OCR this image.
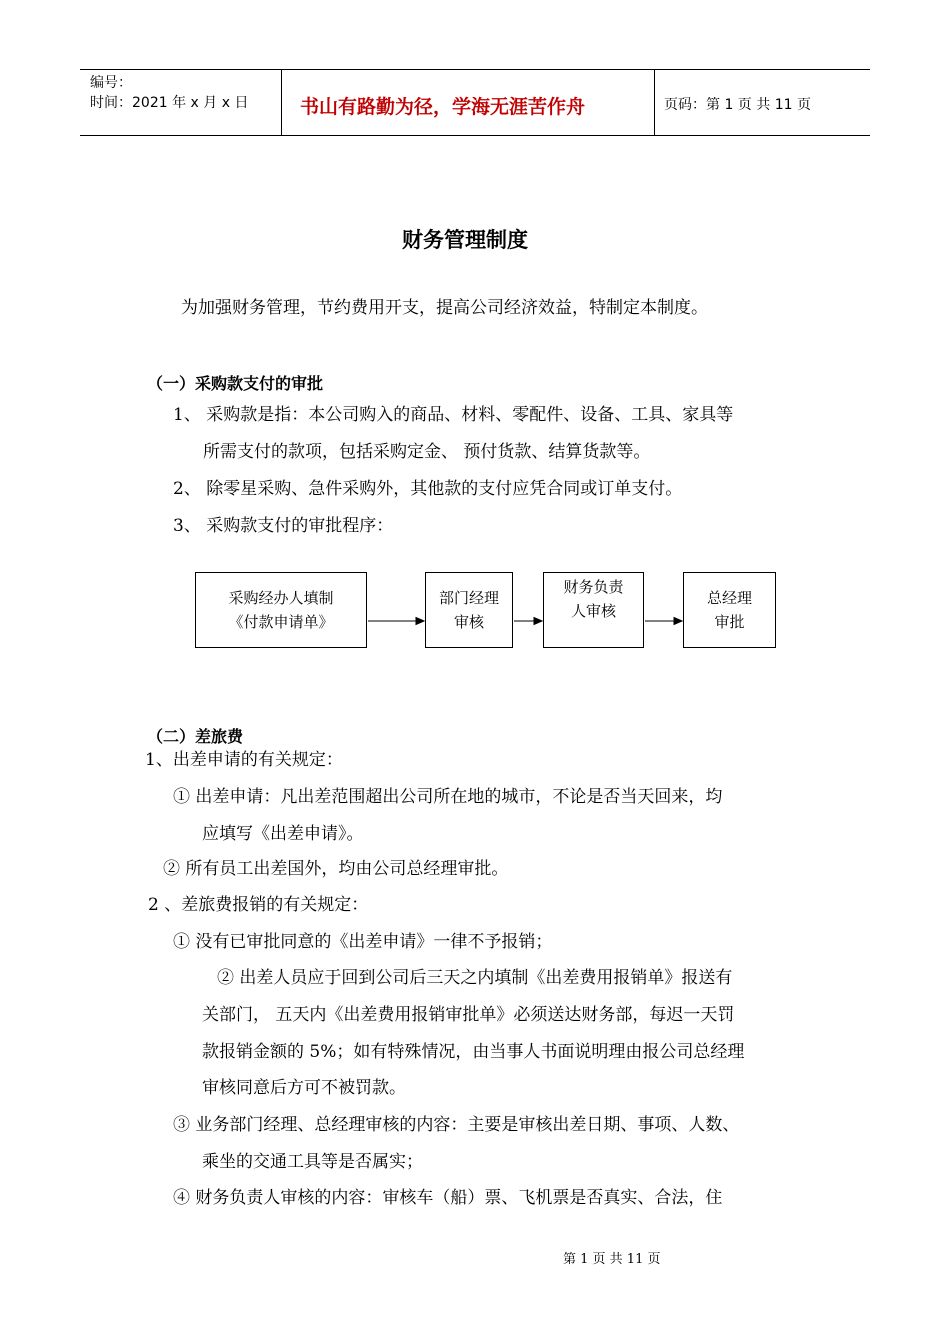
编号：
时间：2021 年 x 月 x 日	书山有路勤为径，学海无涯苦作舟	页码：第 1 页 共 11 页
财务管理制度
为加强财务管理，节约费用开支，提高公司经济效益，特制定本制度。
（一）采购款支付的审批
1、 采购款是指：本公司购入的商品、材料、零配件、设备、工具、家具等
所需支付的款项，包括采购定金、 预付货款、结算货款等。
2、 除零星采购、急件采购外，其他款的支付应凭合同或订单支付。
3、 采购款支付的审批程序：
采购经办人填制
《付款申请单》
部门经理
审核
财务负责
人审核
总经理
审批
（二）差旅费
1、出差申请的有关规定：
① 出差申请：凡出差范围超出公司所在地的城市，不论是否当天回来，均
应填写《出差申请》。
② 所有员工出差国外，均由公司总经理审批。
2 、差旅费报销的有关规定：
① 没有已审批同意的《出差申请》一律不予报销；
② 出差人员应于回到公司后三天之内填制《出差费用报销单》报送有
关部门， 五天内《出差费用报销审批单》必须送达财务部，每迟一天罚
款报销金额的 5%；如有特殊情况，由当事人书面说明理由报公司总经理
审核同意后方可不被罚款。
③ 业务部门经理、总经理审核的内容：主要是审核出差日期、事项、人数、
乘坐的交通工具等是否属实；
④ 财务负责人审核的内容：审核车（船）票、飞机票是否真实、合法，住
第 1 页 共 11 页
